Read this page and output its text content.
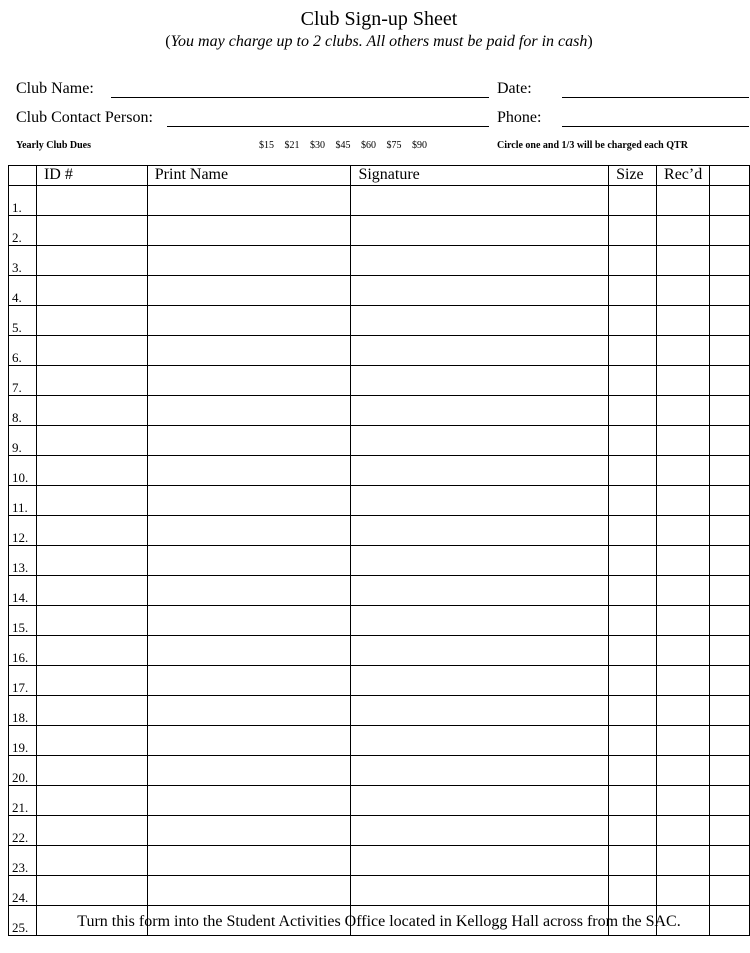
Club Sign-up Sheet
(You may charge up to 2 clubs. All others must be paid for in cash)
Club Name:	Date:
Club Contact Person:	Phone:
Yearly Club Dues	$15 $21 $30 $45 $60 $75 $90	Circle one and 1/3 will be charged each QTR
	ID #	Print Name	Signature	Size	Rec’d	
1.						
2.						
3.						
4.						
5.						
6.						
7.						
8.						
9.						
10.						
11.						
12.						
13.						
14.						
15.						
16.						
17.						
18.						
19.						
20.						
21.						
22.						
23.						
24.						
25.							Turn this form into the Student Activities Office located in Kellogg Hall across from the SAC.
